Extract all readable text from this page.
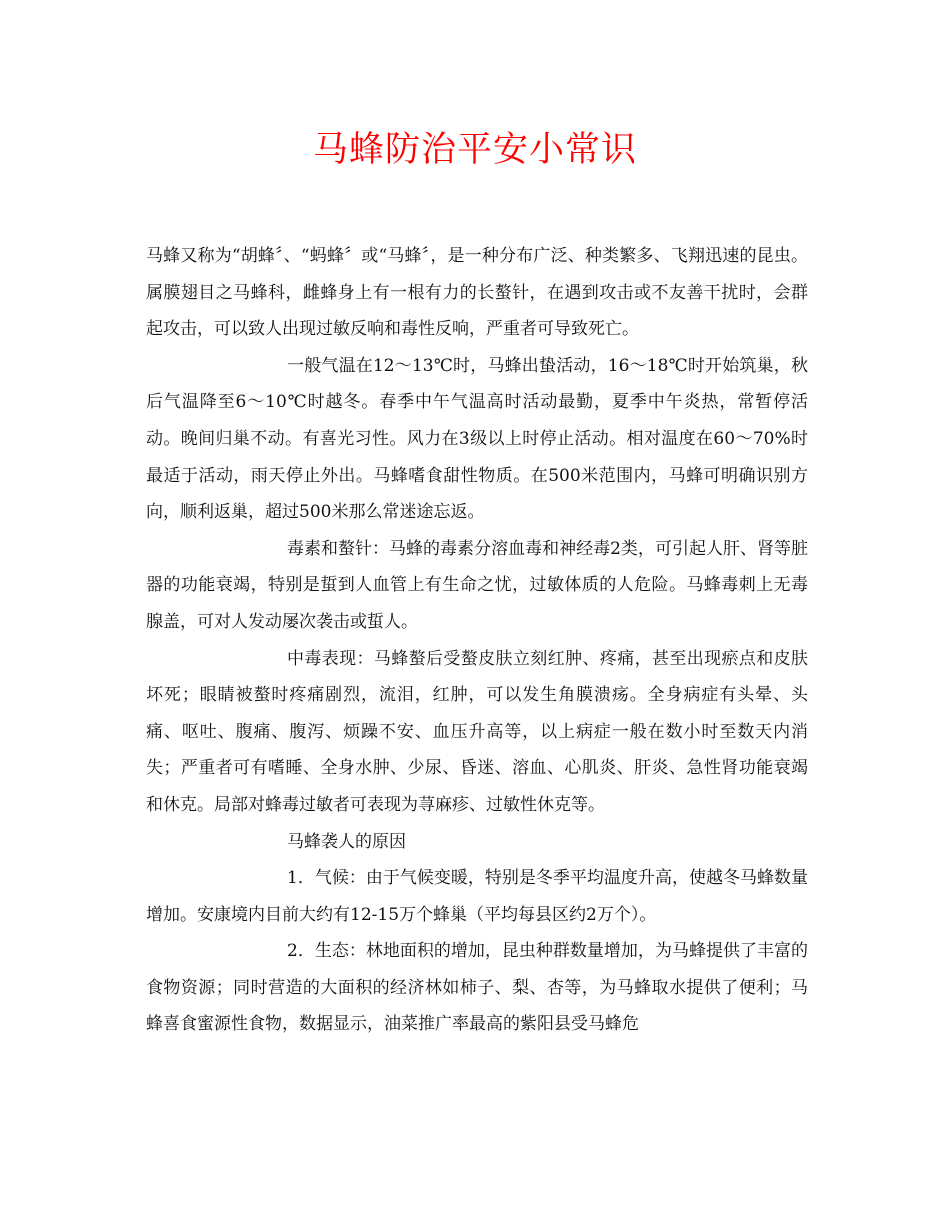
马蜂防治平安小常识

马蜂又称为“胡蜂〞、“蚂蜂〞或“马蜂〞，是一种分布广泛、种类繁多、飞翔迅速的昆虫。属膜翅目之马蜂科，雌蜂身上有一根有力的长螯针，在遇到攻击或不友善干扰时，会群起攻击，可以致人出现过敏反响和毒性反响，严重者可导致死亡。

一般气温在12～13℃时，马蜂出蛰活动，16～18℃时开始筑巢，秋后气温降至6～10℃时越冬。春季中午气温高时活动最勤，夏季中午炎热，常暂停活动。晚间归巢不动。有喜光习性。风力在3级以上时停止活动。相对温度在60～70%时最适于活动，雨天停止外出。马蜂嗜食甜性物质。在500米范围内，马蜂可明确识别方向，顺利返巢，超过500米那么常迷途忘返。

毒素和螯针：马蜂的毒素分溶血毒和神经毒2类，可引起人肝、肾等脏器的功能衰竭，特别是蜇到人血管上有生命之忧，过敏体质的人危险。马蜂毒刺上无毒腺盖，可对人发动屡次袭击或蜇人。

中毒表现：马蜂螯后受螯皮肤立刻红肿、疼痛，甚至出现瘀点和皮肤坏死；眼睛被螯时疼痛剧烈，流泪，红肿，可以发生角膜溃疡。全身病症有头晕、头痛、呕吐、腹痛、腹泻、烦躁不安、血压升高等，以上病症一般在数小时至数天内消失；严重者可有嗜睡、全身水肿、少尿、昏迷、溶血、心肌炎、肝炎、急性肾功能衰竭和休克。局部对蜂毒过敏者可表现为荨麻疹、过敏性休克等。

马蜂袭人的原因

1．气候：由于气候变暖，特别是冬季平均温度升高，使越冬马蜂数量增加。安康境内目前大约有12-15万个蜂巢（平均每县区约2万个）。

2．生态：林地面积的增加，昆虫种群数量增加，为马蜂提供了丰富的食物资源；同时营造的大面积的经济林如柿子、梨、杏等，为马蜂取水提供了便利；马蜂喜食蜜源性食物，数据显示，油菜推广率最高的紫阳县受马蜂危
